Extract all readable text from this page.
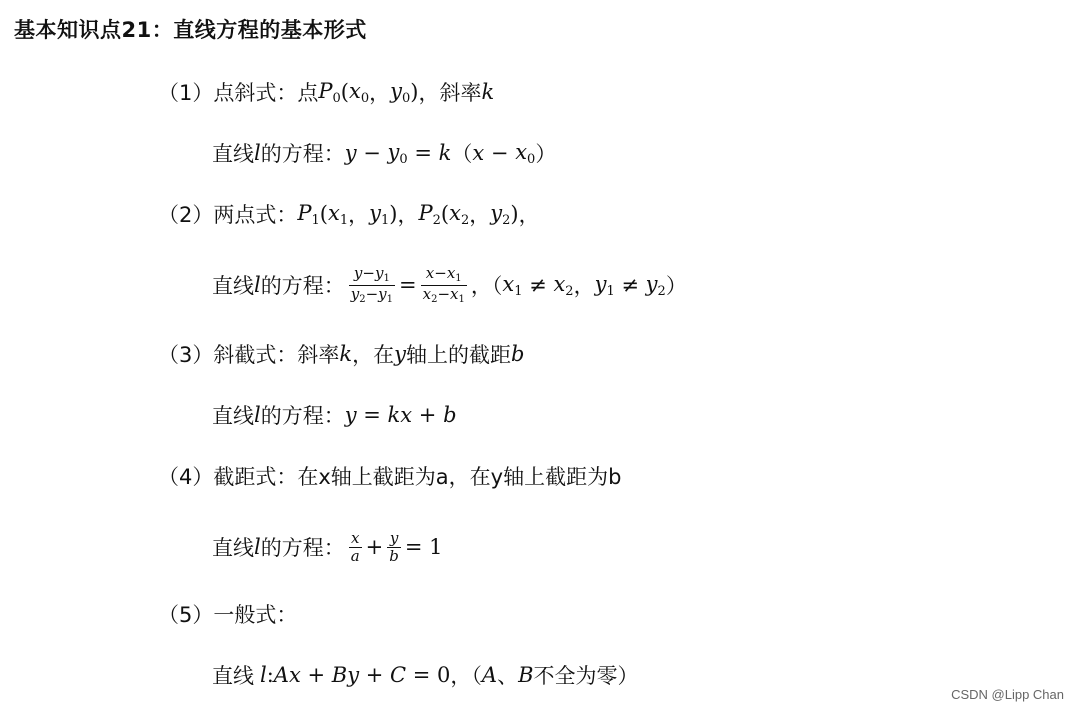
基本知识点21：直线方程的基本形式
（1）点斜式： 点 $P_0$ ( $x_0$ ， $y_0$ ) ，斜率 k
直线 l 的方程： $y - y_0 = k$ （ $x - x_0$ ）
（2）两点式： $P_1$ ( $x_1$ ， $y_1$ ) ， $P_2$ ( $x_2$ ， $y_2$ ) ，
直线 l 的方程： $\frac{y-y_1}{y_2-y_1} = \frac{x-x_1}{x_2-x_1}$ ，（ $x_1 \ne x_2$ ， $y_1 \ne y_2$ ）
（3）斜截式： 斜率 k ，在 y 轴上的截距 b
直线 l 的方程： y = kx + b
（4）截距式： 在x轴上截距为a，在y轴上截距为b
直线 l 的方程： $\frac{x}{a} + \frac{y}{b} = 1$
（5）一般式：
直线 l : Ax + By + C = 0 ，（ A 、 B 不全为零）
CSDN @Lipp Chan
